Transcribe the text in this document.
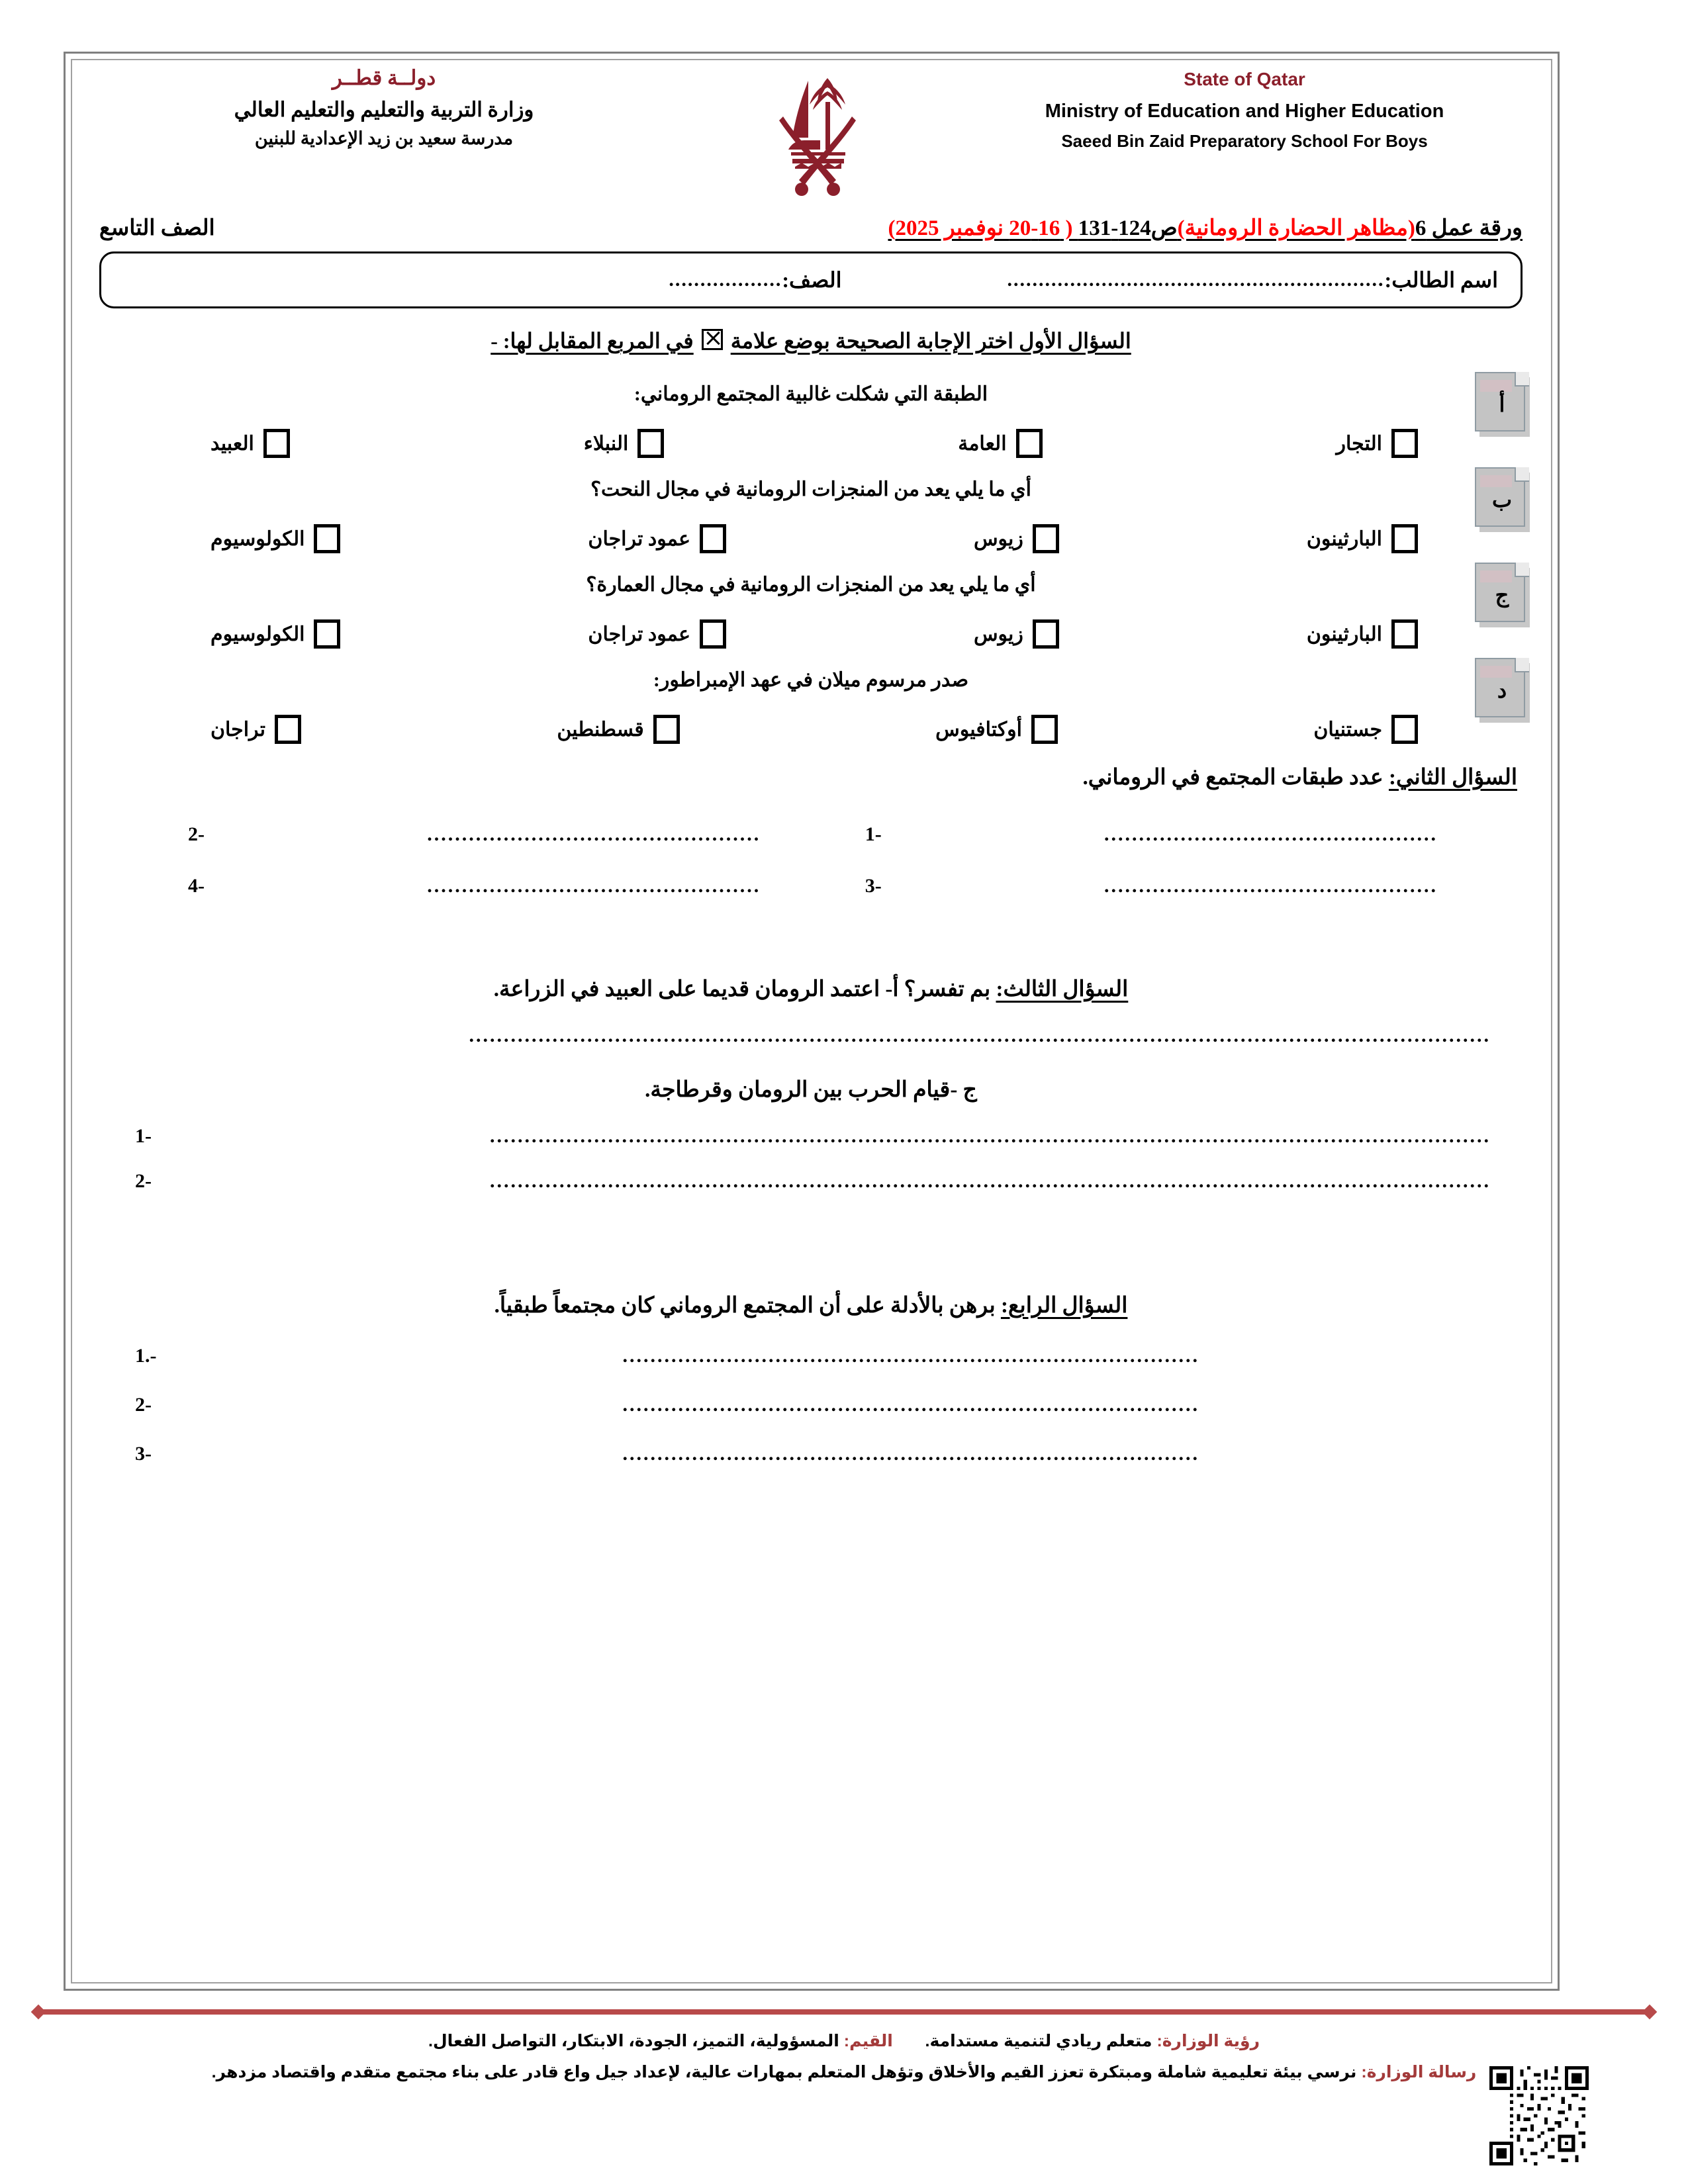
دولــة قطــر
وزارة التربية والتعليم والتعليم العالي
مدرسة سعيد بن زيد الإعدادية للبنين
State of Qatar
Ministry of Education and Higher Education
Saeed Bin Zaid Preparatory School For Boys
ورقة عمل 6(مظاهر الحضارة الرومانية)ص124-131 ( 16-20 نوفمبر 2025)
الصف التاسع
اسم الطالب:
............................................................
الصف:
..................
السؤال الأول اختر الإجابة الصحيحة بوضع علامةفي المربع المقابل لها: -
أ
الطبقة التي شكلت غالبية المجتمع الروماني:
التجار
العامة
النبلاء
العبيد
ب
أي ما يلي يعد من المنجزات الرومانية في مجال النحت؟
البارثينون
زيوس
عمود تراجان
الكولوسيوم
ج
أي ما يلي يعد من المنجزات الرومانية في مجال العمارة؟
البارثينون
زيوس
عمود تراجان
الكولوسيوم
د
صدر مرسوم ميلان في عهد الإمبراطور:
جستنيان
أوكتافيوس
قسطنطين
تراجان
السؤال الثاني: عدد طبقات المجتمع في الروماني.
................................................
-1
................................................
-2
................................................
-3
................................................
-4
السؤال الثالث: بم تفسر؟ أ- اعتمد الرومان قديما على العبيد في الزراعة.
...................................................................................................................................................
ج -قيام الحرب بين الرومان وقرطاجة.
................................................................................................................................................
-1
................................................................................................................................................
-2
السؤال الرابع: برهن بالأدلة على أن المجتمع الروماني كان مجتمعاً طبقياً.
...................................................................................
-.1
...................................................................................
-2
...................................................................................
-3
رؤية الوزارة: متعلم ريادي لتنمية مستدامة.       القيم: المسؤولية، التميز، الجودة، الابتكار، التواصل الفعال.
رسالة الوزارة: نرسي بيئة تعليمية شاملة ومبتكرة تعزز القيم والأخلاق وتؤهل المتعلم بمهارات عالية، لإعداد جيل واع قادر على بناء مجتمع متقدم واقتصاد مزدهر.
